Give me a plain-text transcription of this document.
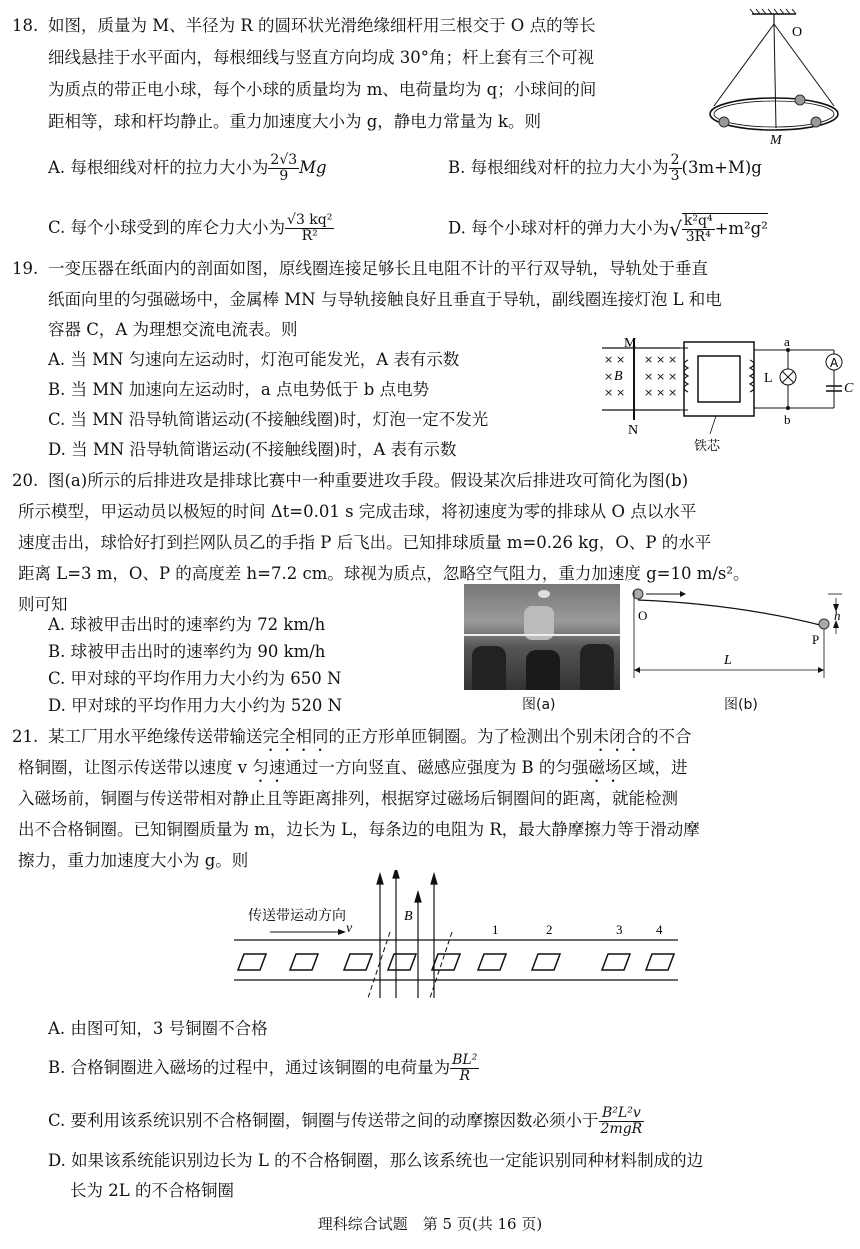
18. 如图，质量为 M、半径为 R 的圆环状光滑绝缘细杆用三根交于 O 点的等长
细线悬挂于水平面内，每根细线与竖直方向均成 30°角；杆上套有三个可视
为质点的带正电小球，每个小球的质量均为 m、电荷量均为 q；小球间的间
距相等，球和杆均静止。重力加速度大小为 g，静电力常量为 k。则
O
M
A. 每根细线对杆的拉力大小为 $\frac{2√3}{9}$ Mg	B. 每根细线对杆的拉力大小为 $\frac{2}{3} (3m+M)g$
C. 每个小球受到的库仑力大小为 $\frac{\text{√3 kq²}}{\text{R²}}$	D. 每个小球对杆的弹力大小为√ $\frac{\text{k²q⁴}}{\text{3R⁴}} +m^2g^2$
19. 一变压器在纸面内的剖面如图，原线圈连接足够长且电阻不计的平行双导轨，导轨处于垂直
纸面向里的匀强磁场中，金属棒 MN 与导轨接触良好且垂直于导轨，副线圈连接灯泡 L 和电
容器 C，A 为理想交流电流表。则
A. 当 MN 匀速向左运动时，灯泡可能发光，A 表有示数
B. 当 MN 加速向左运动时，a 点电势低于 b 点电势
C. 当 MN 沿导轨简谐运动(不接触线圈)时，灯泡一定不发光
D. 当 MN 沿导轨简谐运动(不接触线圈)时，A 表有示数
× × × × ×
×	× × ×
× × × × ×
B
M
N
A
a
b
L
C
铁芯
20. 图(a)所示的后排进攻是排球比赛中一种重要进攻手段。假设某次后排进攻可简化为图(b)
所示模型，甲运动员以极短的时间 Δt=0.01 s 完成击球，将初速度为零的排球从 O 点以水平
速度击出，球恰好打到拦网队员乙的手指 P 后飞出。已知排球质量 m=0.26 kg，O、P 的水平
距离 L=3 m，O、P 的高度差 h=7.2 cm。球视为质点，忽略空气阻力，重力加速度 g=10 m/s²。
则可知
A. 球被甲击出时的速率约为 72 km/h
B. 球被甲击出时的速率约为 90 km/h
C. 甲对球的平均作用力大小约为 650 N
D. 甲对球的平均作用力大小约为 520 N	图(a)
h
L
O
P
图(b)
21. 某工厂用水平绝缘传送带输送完全相同的正方形单匝铜圈。为了检测出个别未闭合的不合
格铜圈，让图示传送带以速度 v 匀速通过一方向竖直、磁感应强度为 B 的匀强磁场区域，进
入磁场前，铜圈与传送带相对静止且等距离排列，根据穿过磁场后铜圈间的距离，就能检测
出不合格铜圈。已知铜圈质量为 m，边长为 L，每条边的电阻为 R，最大静摩擦力等于滑动摩
擦力，重力加速度大小为 g。则
传送带运动方向
v
B
1	2	3	4
A. 由图可知，3 号铜圈不合格
B. 合格铜圈进入磁场的过程中，通过该铜圈的电荷量为 $\frac{\text{BL²}}{R}$
C. 要利用该系统识别不合格铜圈，铜圈与传送带之间的动摩擦因数必须小于 $\frac{\text{B²L²v}}{\text{2mgR}}$
D. 如果该系统能识别边长为 L 的不合格铜圈，那么该系统也一定能识别同种材料制成的边
长为 2L 的不合格铜圈
理科综合试题　第 5 页(共 16 页)
